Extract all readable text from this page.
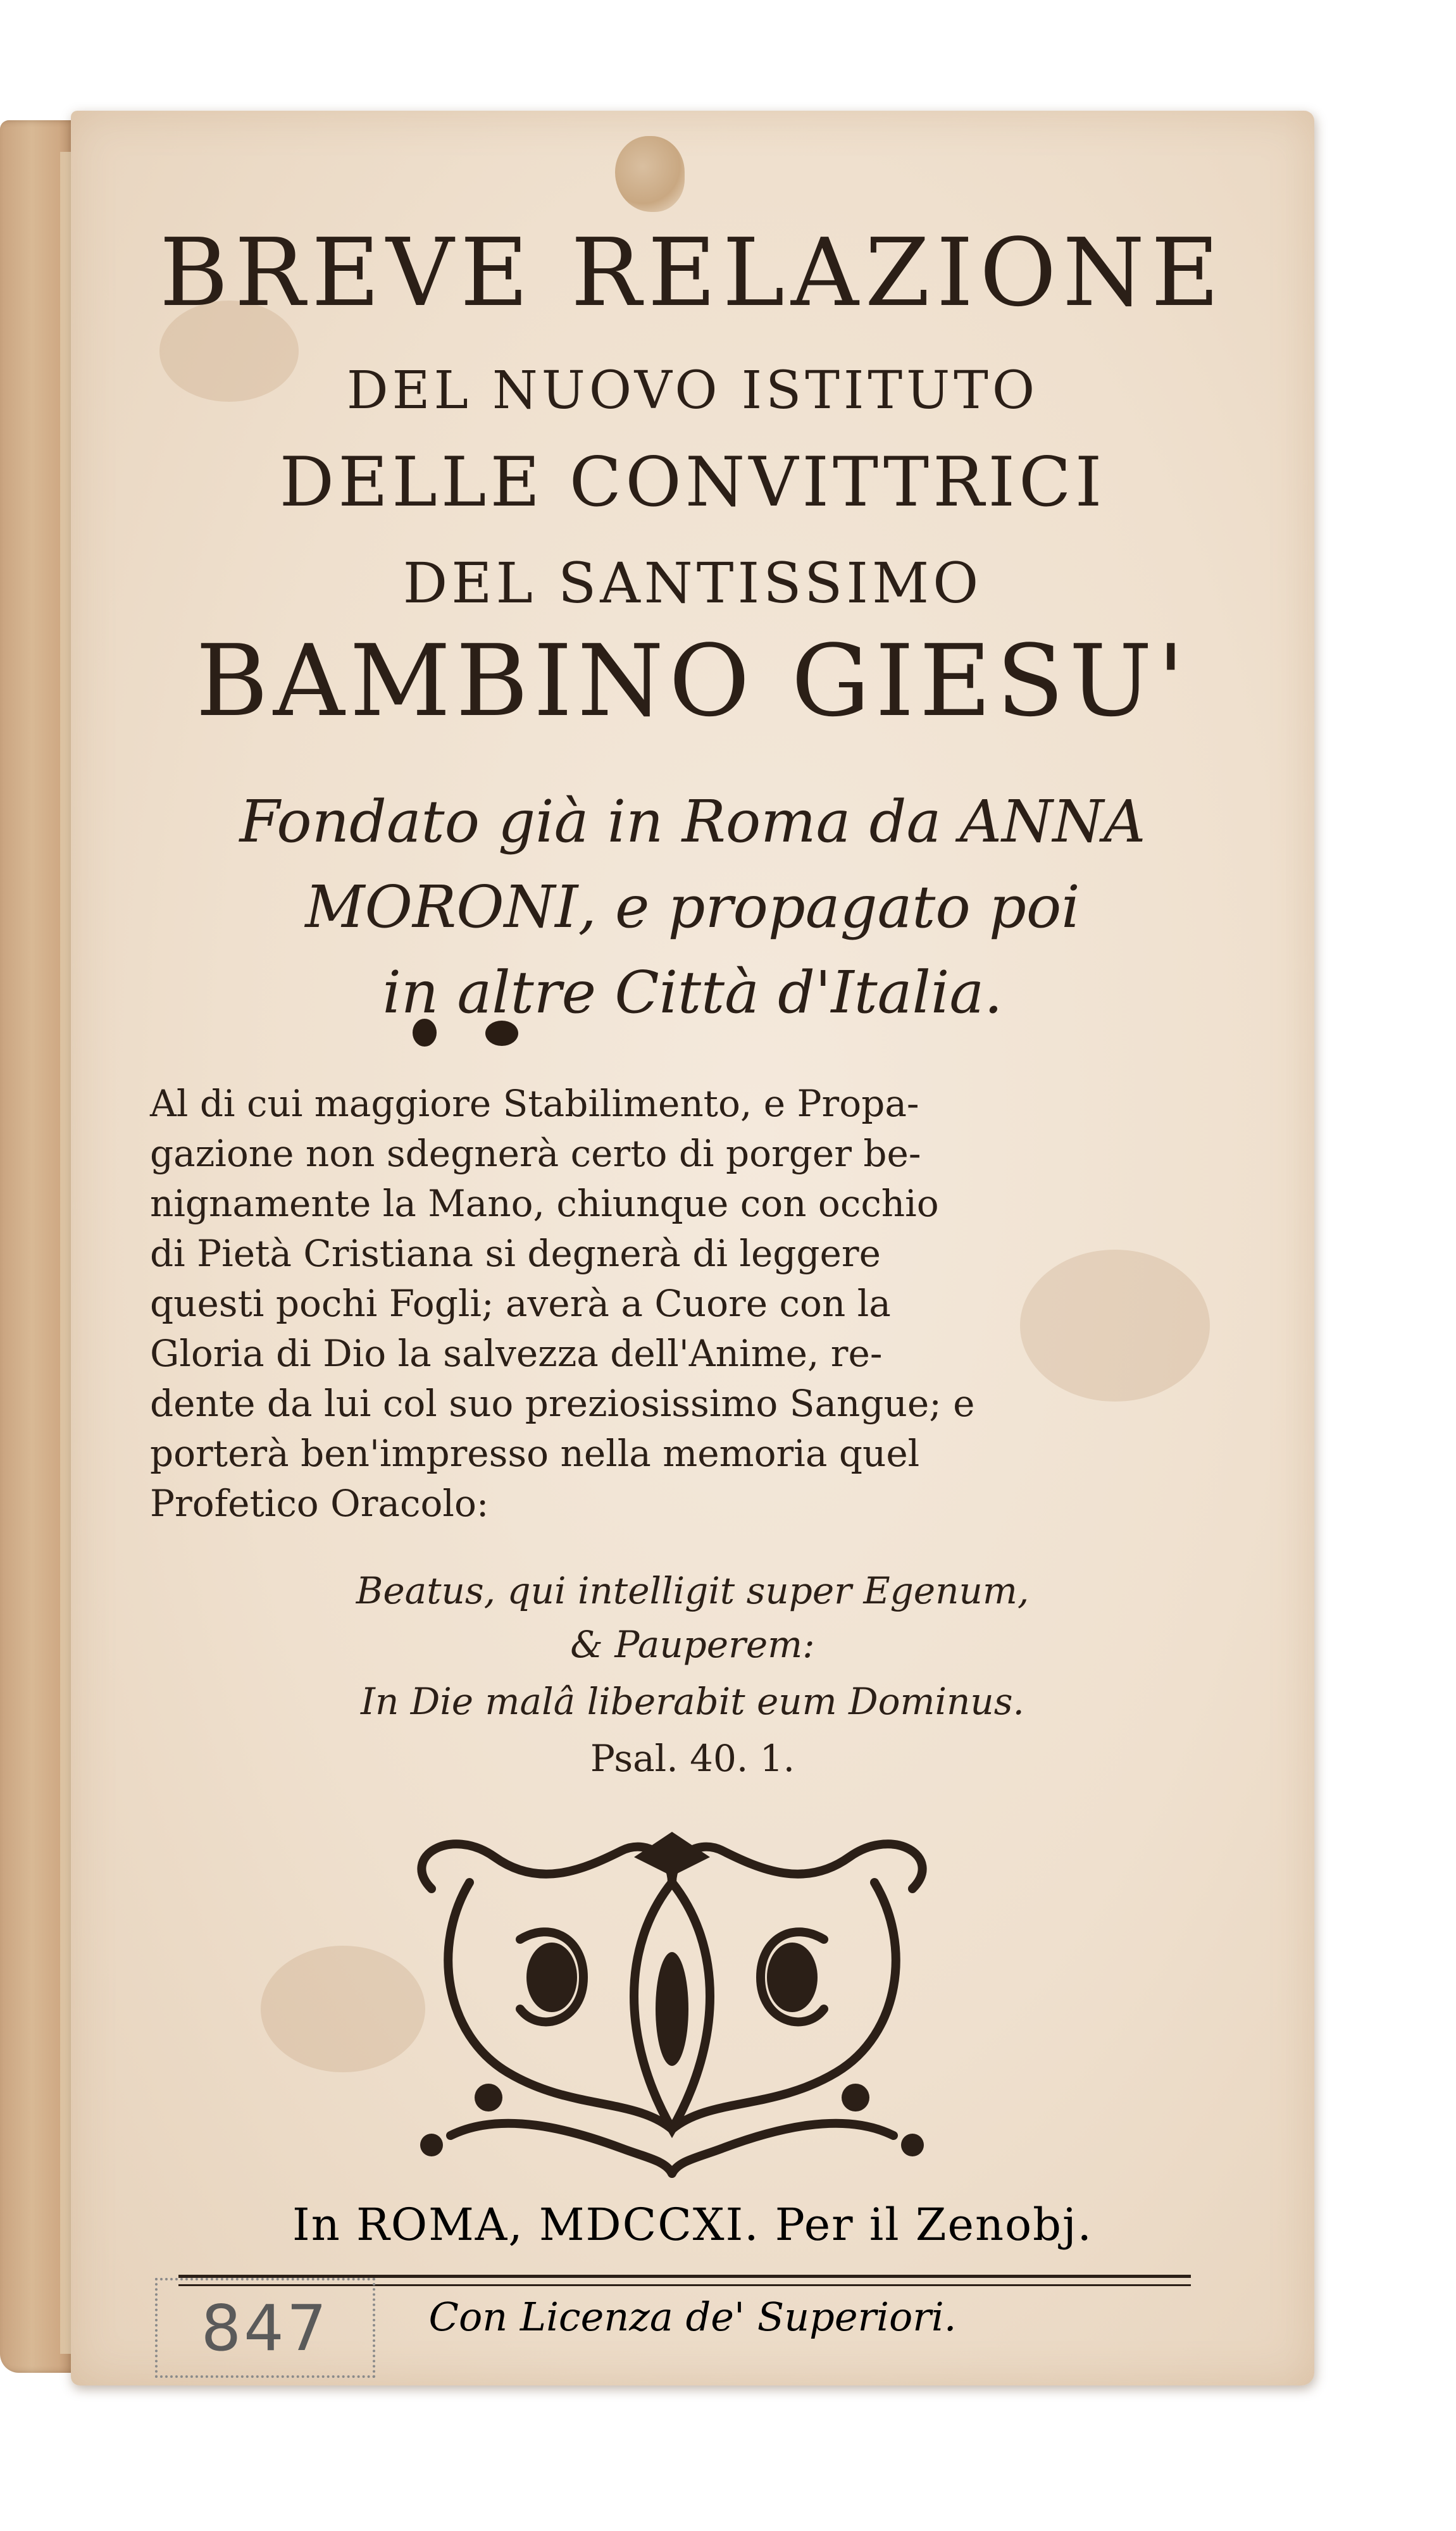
BREVE RELAZIONE
DEL NUOVO ISTITUTO
DELLE CONVITTRICI
DEL SANTISSIMO
BAMBINO GIESU'
Fondato già in Roma da ANNA
MORONI, e propagato poi
in altre Città d'Italia.
Al di cui maggiore Stabilimento, e Propa-
gazione non sdegnerà certo di porger be-
nignamente la Mano, chiunque con occhio
di Pietà Cristiana si degnerà di leggere
questi pochi Fogli; averà a Cuore con la
Gloria di Dio la salvezza dell'Anime, re-
dente da lui col suo preziosissimo Sangue; e
porterà ben'impresso nella memoria quel
Profetico Oracolo:
Beatus, qui intelligit super Egenum,
& Pauperem:
In Die malâ liberabit eum Dominus.
Psal. 40. 1.
In ROMA, MDCCXI. Per il Zenobj.
Con Licenza de' Superiori.
847
